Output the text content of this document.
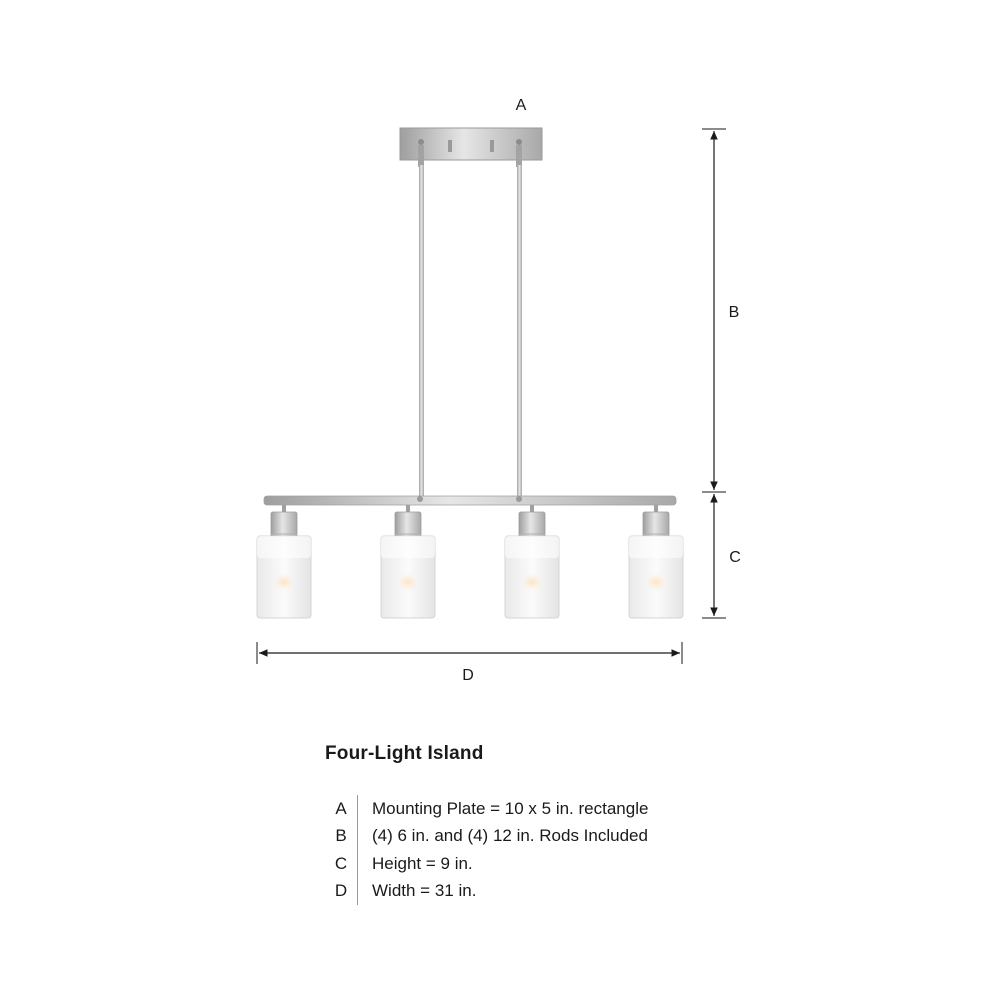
A
B
C
D
Four-Light Island
A	Mounting Plate = 10 x 5 in. rectangle
B	(4) 6 in. and (4) 12 in. Rods Included
C	Height = 9 in.
D	Width = 31 in.
